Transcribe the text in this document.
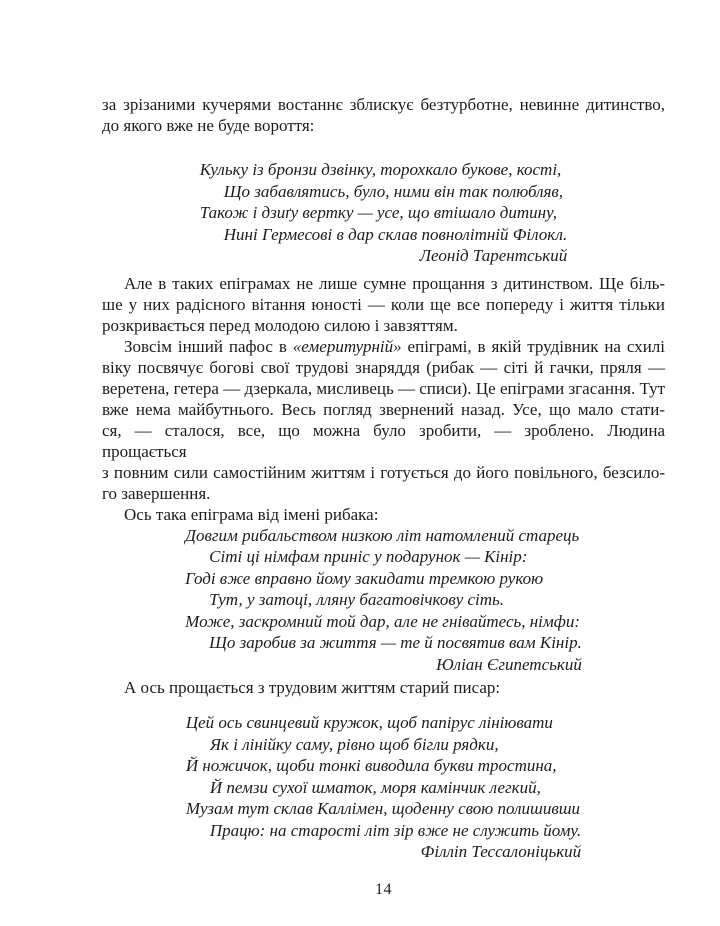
за зрізаними кучерями востаннє зблискує безтурботне, невинне дитинство,
до якого вже не буде вороття:
Кульку із бронзи дзвінку, торохкало букове, кості,
Що забавлятись, було, ними він так полюбляв,
Також і дзиґу вертку — усе, що втішало дитину,
Нині Гермесові в дар склав повнолітній Філокл.
Леонід Тарентський
Але в таких епіграмах не лише сумне прощання з дитинством. Ще біль-
ше у них радісного вітання юності — коли ще все попереду і життя тільки
розкривається перед молодою силою і завзяттям.
Зовсім інший пафос в «емеритурній» епіграмі, в якій трудівник на схилі
віку посвячує богові свої трудові знаряддя (рибак — сіті й гачки, пряля —
веретена, гетера — дзеркала, мисливець — списи). Це епіграми згасання. Тут
вже нема майбутнього. Весь погляд звернений назад. Усе, що мало стати-
ся, — сталося, все, що можна було зробити, — зроблено. Людина прощається
з повним сили самостійним життям і готується до його повільного, безсило-
го завершення.
Ось така епіграма від імені рибака:
Довгим рибальством низкою літ натомлений старець
Сіті ці німфам приніс у подарунок — Кінір:
Годі вже вправно йому закидати тремкою рукою
Тут, у затоці, лляну багатовічкову сіть.
Може, заскромний той дар, але не гнівайтесь, німфи:
Що заробив за життя — те й посвятив вам Кінір.
Юліан Єгипетський
А ось прощається з трудовим життям старий писар:
Цей ось свинцевий кружок, щоб папірус лініювати
Як і лінійку саму, рівно щоб бігли рядки,
Й ножичок, щоби тонкі виводила букви тростина,
Й пемзи сухої шматок, моря камінчик легкий,
Музам тут склав Каллімен, щоденну свою полишивши
Працю: на старості літ зір вже не служить йому.
Філліп Тессалоніцький
14
